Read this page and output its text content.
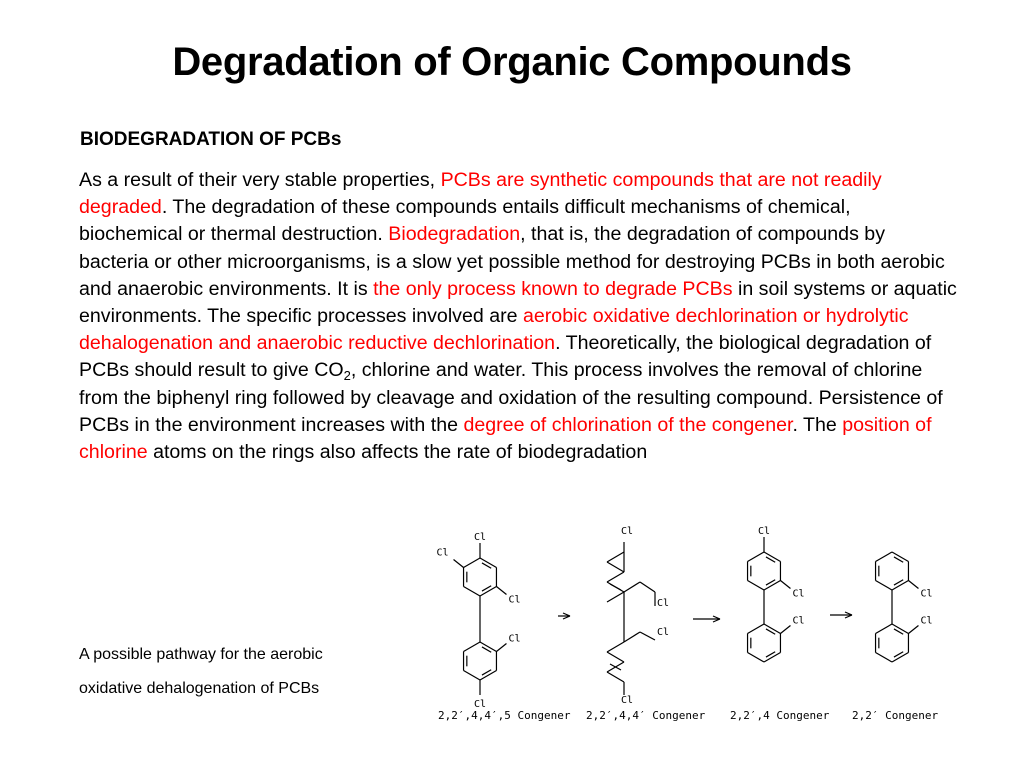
Degradation of Organic Compounds
BIODEGRADATION OF PCBs

As a result of their very stable properties, PCBs are synthetic compounds that are not readily degraded. The degradation of these compounds entails difficult mechanisms of chemical, biochemical or thermal destruction. Biodegradation, that is, the degradation of compounds by bacteria or other microorganisms, is a slow yet possible method for destroying PCBs in both aerobic and anaerobic environments. It is the only process known to degrade PCBs in soil systems or aquatic environments. The specific processes involved are aerobic oxidative dechlorination or hydrolytic dehalogenation and anaerobic reductive dechlorination. Theoretically, the biological degradation of PCBs should result to give $CO_2$, chlorine and water. This process involves the removal of chlorine from the biphenyl ring followed by cleavage and oxidation of the resulting compound. Persistence of PCBs in the environment increases with the degree of chlorination of the congener. The position of chlorine atoms on the rings also affects the rate of biodegradation

A possible pathway for the aerobic

oxidative dehalogenation of PCBs

Cl
Cl
Cl
Cl
Cl
2,2′,4,4′,5 Congener
Cl
Cl
Cl
Cl
2,2′,4,4′ Congener
Cl
Cl
Cl
2,2′,4 Congener
Cl
Cl
2,2′ Congener
